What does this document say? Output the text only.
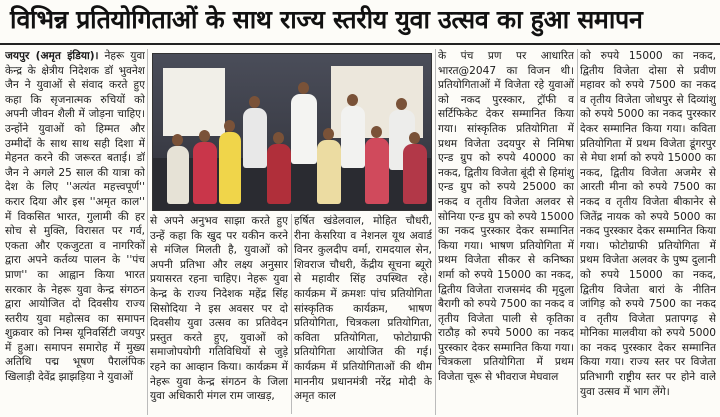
विभिन्न प्रतियोगिताओं के साथ राज्य स्तरीय युवा उत्सव का हुआ समापन

जयपुर (अमृत इंडिया)। नेहरू युवा केन्द्र के क्षेत्रीय निदेशक डॉ भुवनेश जैन ने युवाओं से संवाद करते हुए कहा कि सृजनात्मक रुचियों को अपनी जीवन शैली में जोड़ना चाहिए। उन्होंने युवाओं को हिम्मत और उम्मीदों के साथ साथ सही दिशा में मेहनत करने की जरूरत बताई। डॉ जैन ने अगले 25 साल की यात्रा को देश के लिए ''अत्यंत महत्त्वपूर्ण'' करार दिया और इस ''अमृत काल'' में विकसित भारत, गुलामी की हर सोच से मुक्ति, विरासत पर गर्व, एकता और एकजुटता व नागरिकों द्वारा अपने कर्तव्य पालन के ''पंच प्राण'' का आह्वान किया भारत सरकार के नेहरू युवा केन्द्र संगठन द्वारा आयोजित दो दिवसीय राज्य स्तरीय युवा महोत्सव का समापन शुक्रवार को निम्स यूनिवर्सिटी जयपुर में हुआ। समापन समारोह में मुख्य अतिथि पद्म भूषण पैरालंपिक खिलाड़ी देवेंद्र झाझड़िया ने युवाओं

से अपने अनुभव साझा करते हुए उन्हें कहा कि खुद पर यकीन करने से मंजिल मिलती है, युवाओं को अपनी प्रतिभा और लक्ष्य अनुसार प्रयासरत रहना चाहिए। नेहरू युवा केन्द्र के राज्य निदेशक महेंद्र सिंह सिसोदिया ने इस अवसर पर दो दिवसीय युवा उत्सव का प्रतिवेदन प्रस्तुत करते हुए, युवाओं को समाजोपयोगी गतिविधियों से जुड़े रहने का आव्हान किया। कार्यक्रम में नेहरू युवा केन्द्र संगठन के जिला युवा अधिकारी मंगल राम जाखड़,

हर्षित खंडेलवाल, मोहित चौधरी, रीना केसरिया व नेशनल यूथ अवार्ड विनर कुलदीप वर्मा, रामदयाल सेन, शिवराज चौधरी, केंद्रीय सूचना ब्यूरो से महावीर सिंह उपस्थित रहे। कार्यक्रम में क्रमशः पांच प्रतियोगिता सांस्कृतिक कार्यक्रम, भाषण प्रतियोगिता, चित्रकला प्रतियोगिता, कविता प्रतियोगिता, फोटोग्राफी प्रतियोगिता आयोजित की गई। कार्यक्रम में प्रतियोगिताओं की थीम माननीय प्रधानमंत्री नरेंद्र मोदी के अमृत काल

के पंच प्रण पर आधारित भारत@2047 का विजन थी। प्रतियोगिताओं में विजेता रहे युवाओं को नकद पुरस्कार, ट्रॉफी व सर्टिफिकेट देकर सम्मानित किया गया। सांस्कृतिक प्रतियोगिता में प्रथम विजेता उदयपुर से निमिषा एन्ड ग्रुप को रुपये 40000 का नकद, द्वितीय विजेता बूंदी से हिमांशु एन्ड ग्रुप को रुपये 25000 का नकद व तृतीय विजेता अलवर से सोनिया एन्ड ग्रुप को रुपये 15000 का नकद पुरस्कार देकर सम्मानित किया गया। भाषण प्रतियोगिता में प्रथम विजेता सीकर से कनिष्का शर्मा को रुपये 15000 का नकद, द्वितीय विजेता राजसमंद की मृदुला बैरागी को रुपये 7500 का नकद व तृतीय विजेता पाली से कृतिका राठौड़ को रुपये 5000 का नकद पुरस्कार देकर सम्मानित किया गया। चित्रकला प्रतियोगिता में प्रथम विजेता चूरू से भीवराज मेघवाल

को रुपये 15000 का नकद, द्वितीय विजेता दोसा से प्रवीण महावर को रुपये 7500 का नकद व तृतीय विजेता जोधपुर से दिव्यांशु को रुपये 5000 का नकद पुरस्कार देकर सम्मानित किया गया। कविता प्रतियोगिता में प्रथम विजेता डूंगरपुर से मेघा शर्मा को रुपये 15000 का नकद, द्वितीय विजेता अजमेर से आरती मीना को रुपये 7500 का नकद व तृतीय विजेता बीकानेर से जितेंद्र नायक को रुपये 5000 का नकद पुरस्कार देकर सम्मानित किया गया। फोटोग्राफी प्रतियोगिता में प्रथम विजेता अलवर के पुष्प दुलानी को रुपये 15000 का नकद, द्वितीय विजेता बारां के नीतिन जांगिड़ को रुपये 7500 का नकद व तृतीय विजेता प्रतापगढ़ से मोनिका मालवीया को रुपये 5000 का नकद पुरस्कार देकर सम्मानित किया गया। राज्य स्तर पर विजेता प्रतिभागी राष्ट्रीय स्तर पर होने वाले युवा उत्सव में भाग लेंगे।
